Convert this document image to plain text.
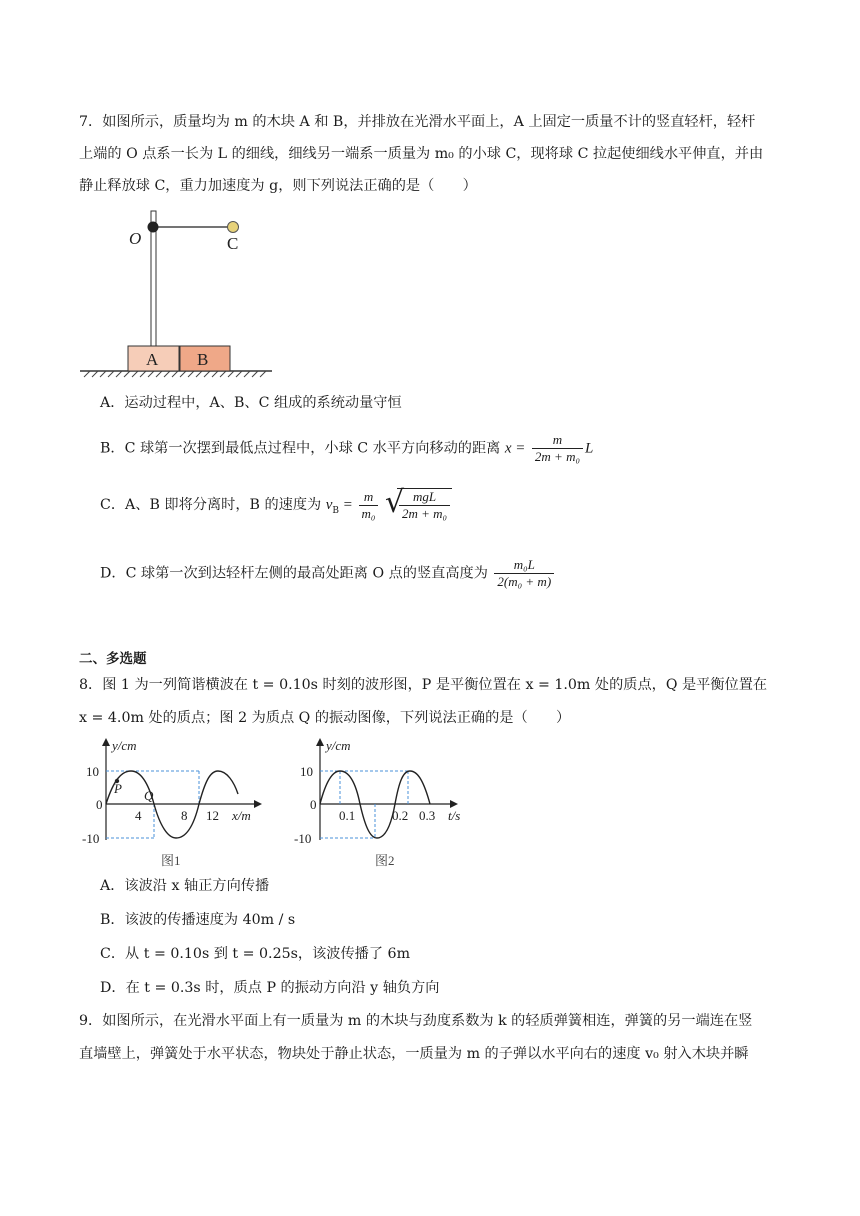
7．如图所示，质量均为 m 的木块 A 和 B，并排放在光滑水平面上，A 上固定一质量不计的竖直轻杆，轻杆
上端的 O 点系一长为 L 的细线，细线另一端系一质量为 m₀ 的小球 C，现将球 C 拉起使细线水平伸直，并由
静止释放球 C，重力加速度为 g，则下列说法正确的是（　　）
A B
O	C
A．运动过程中，A、B、C 组成的系统动量守恒
B．C 球第一次摆到最低点过程中，小球 C 水平方向移动的距离 $x = \frac{m}{\text{2m + m₀}}$ L
C．A、B 即将分离时，B 的速度为 $v_B = \frac{m}{\text{m₀}}$
√
$\frac{\text{mgL}}{\text{2m + m₀}}$
D．C 球第一次到达轻杆左侧的最高处距离 O 点的竖直高度为 $\frac{\text{m₀L}}{\text{2(m₀ + m)}}$
二、多选题
8．图 1 为一列简谐横波在 t = 0.10s 时刻的波形图，P 是平衡位置在 x = 1.0m 处的质点，Q 是平衡位置在
x = 4.0m 处的质点；图 2 为质点 Q 的振动图像，下列说法正确的是（　　）
P Q
y/cm
x/m
10
0
-10
4	8 12
图1
y/cm
t/s
10
0
-10
0.1	0.2 0.3
图2
A．该波沿 x 轴正方向传播
B．该波的传播速度为 40m / s
C．从 t = 0.10s 到 t = 0.25s，该波传播了 6m
D．在 t = 0.3s 时，质点 P 的振动方向沿 y 轴负方向
9．如图所示，在光滑水平面上有一质量为 m 的木块与劲度系数为 k 的轻质弹簧相连，弹簧的另一端连在竖
直墙壁上，弹簧处于水平状态，物块处于静止状态，一质量为 m 的子弹以水平向右的速度 v₀ 射入木块并瞬
